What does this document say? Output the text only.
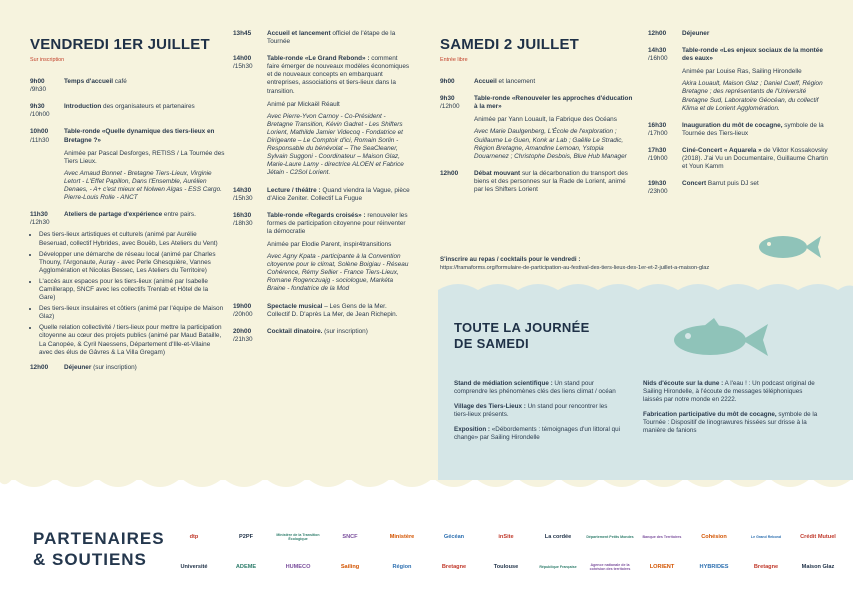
VENDREDI 1ER JUILLET
Sur inscription
9h00
/9h30
Temps d'accueil café
9h30
/10h00
Introduction des organisateurs et partenaires
10h00
/11h30
Table-ronde «Quelle dynamique des tiers-lieux en Bretagne ?»
Animée par Pascal Desforges, RETISS / La Tournée des Tiers Lieux.
Avec Amaud Bonnet - Bretagne Tiers-Lieux, Virginie Letort - L'Effet Papillon, Dans l'Ensemble, Aurélien Denaes, - A+ c'est mieux et Nolwen Algas - ESS Cargo. Pierre-Louis Rolle - ANCT
11h30
/12h30
Ateliers de partage d'expérience entre pairs.
• Des tiers-lieux artistiques et culturels (animé par Aurélie Beseruad, collectif Hybrides, avec Bouëb, Les Ateliers du Vent)
• Développer une démarche de réseau local (animé par Charles Thouny, l'Argonaute, Auray - avec Perle Ghesquière, Vannes Agglomération et Nicolas Bessec, Les Ateliers du Territoire)
• L'accès aux espaces pour les tiers-lieux (animé par Isabelle Camillerapp, SNCF avec les collectifs Trenlab et Hôtel de la Gare)
• Des tiers-lieux insulaires et côtiers (animé par l'équipe de Maison Glaz)
• Quelle relation collectivité / tiers-lieux pour mettre la participation citoyenne au cœur des projets publics (animé par Maud Bataille, La Canopée, & Cyril Naessens, Département d'Ille-et-Vilaine avec des élus de Gâvres & La Villa Gregam)
12h00	Déjeuner (sur inscription)
13h45	Accueil et lancement officiel de l'étape de la Tournée
14h00
/15h30
Table-ronde «Le Grand Rebond» : comment faire émerger de nouveaux modèles économiques et de nouveaux concepts en embarquant entreprises, associations et tiers-lieux dans la transition.
Animé par Mickaël Réault
Avec Pierre-Yvon Carnoy - Co-Président - Bretagne Transition, Kévin Gadret - Les Shifters Lorient, Mathilde Jamier Videcoq - Fondatrice et Dirigeante – Le Comptoir d'ici, Romain Sorlin - Responsable du bénévolat – The SeaCleaner, Sylvain Suggoni - Coordinateur – Maison Glaz, Marie-Laure Lamy - directrice ALOEN et Fabrice Jétain - C2Sol Lorient.
14h30
/15h30
Lecture / théâtre : Quand viendra la Vague, pièce d'Alice Zeniter. Collectif La Fugue
16h30
/18h30
Table-ronde «Regards croisés» : renouveler les formes de participation citoyenne pour réinventer la démocratie
Animée par Elodie Parent, inspir4transitions
Avec Agny Kpata - participante à la Convention citoyenne pour le climat, Solène Boigiau - Réseau Cohérence, Rémy Sellier - France Tiers-Lieux, Romane Rogenczuajg - sociologue, Markéta Braine - fondatrice de la Mod
19h00
/20h00
Spectacle musical – Les Gens de la Mer. Collectif D. D'après La Mer, de Jean Richepin.
20h00
/21h30
Cocktail dînatoire. (sur inscription)
SAMEDI 2 JUILLET
Entrée libre
9h00	Accueil et lancement
9h30
/12h00
Table-ronde «Renouveler les approches d'éducation à la mer»
Animée par Yann Louault, la Fabrique des Océans
Avec Marie Daulgenberg, L'École de l'exploration ; Guillaume Le Guen, Konk ar Lab ; Gaëlle Le Stradic, Région Bretagne, Amandine Lemoan, Ystopia Douarnenez ; Christophe Desbois, Blue Hub Manager
12h00	Débat mouvant sur la décarbonation du transport des biens et des personnes sur la Rade de Lorient, animé par les Shifters Lorient
12h00	Déjeuner
14h30
/16h00
Table-ronde «Les enjeux sociaux de la montée des eaux»
Animée par Louise Ras, Sailing Hirondelle
Akira Louault, Maison Glaz ; Daniel Cueff, Région Bretagne ; des représentants de l'Université Bretagne Sud, Laboratoire Géocéan, du collectif Klima et de Lorient Agglomération.
16h30
/17h00
Inauguration du môt de cocagne, symbole de la Tournée des Tiers-lieux
17h30
/19h00
Ciné-Concert « Aquarela » de Viktor Kossakovsky (2018). J'ai Vu un Documentaire, Guillaume Chartin et Youn Kamm
19h30
/23h00
Concert Barrut puis DJ set
S'inscrire au repas / cocktails pour le vendredi :
https://framaforms.org/formulaire-de-participation-au-festival-des-tiers-lieux-des-1er-et-2-juillet-a-maison-glaz
TOUTE LA JOURNÉE
DE SAMEDI
Stand de médiation scientifique : Un stand pour comprendre les phénomènes clés des liens climat / océan
Village des Tiers-Lieux : Un stand pour rencontrer les tiers-lieux présents.
Exposition : «Débordements : témoignages d'un littoral qui change» par Sailing Hirondelle
Nids d'écoute sur la dune : A l'eau ! : Un podcast original de Sailing Hirondelle, à l'écoute de messages téléphoniques laissés par notre monde en 2222.
Fabrication participative du môt de cocagne, symbole de la Tournée : Dispositif de linograwures hissées sur drisse à la manière de fanions
PARTENAIRES
& SOUTIENS
dtp	P2PF	Ministère de la Transition Écologique	SNCF	Ministère	Gécéan	inSite	La cordée	Département Petits Mondes	Banque des Territoires	Cohésion	Le Grand Rebond	Crédit Mutuel
Université	ADEME	HUMECO	Sailing	Région	Bretagne	Toulouse	République Française
Agence nationale de la cohésion des territoires	LORIENT	HYBRIDES	Bretagne	Maison Glaz
